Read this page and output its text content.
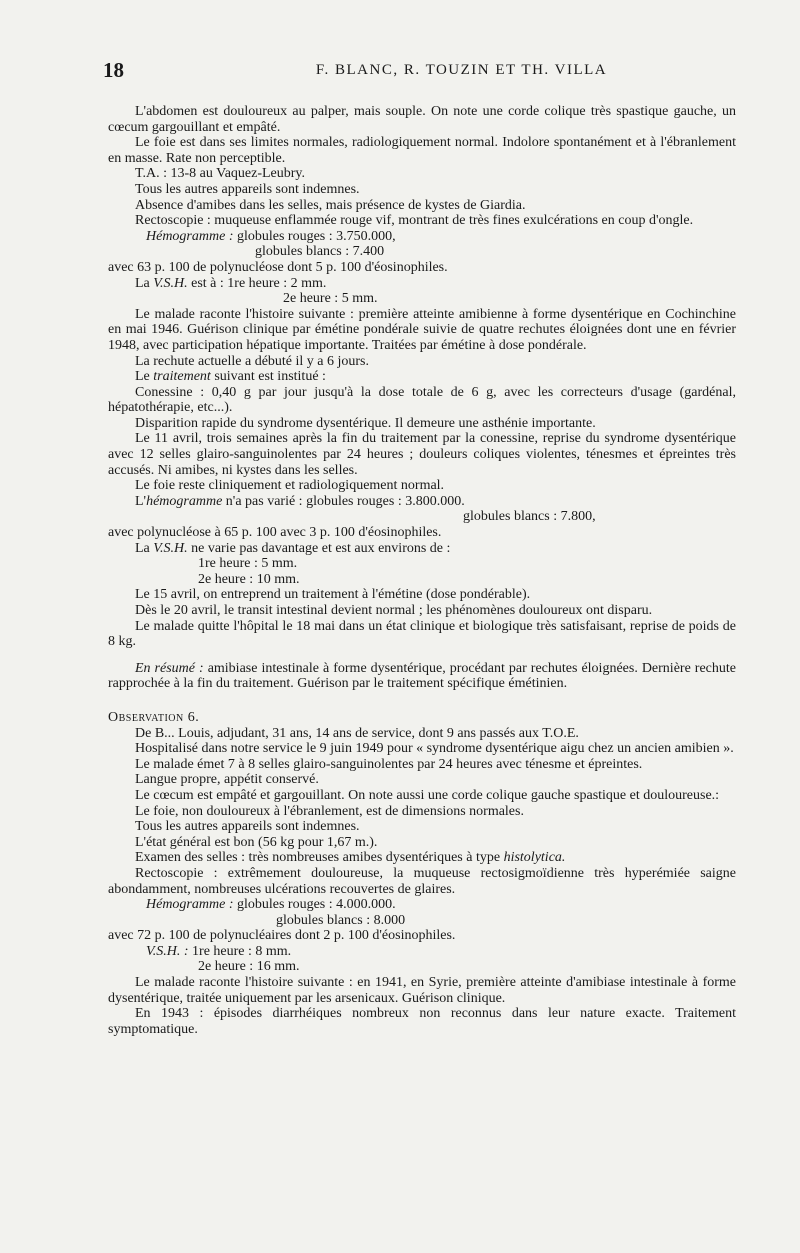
18	F. BLANC, R. TOUZIN ET TH. VILLA

L'abdomen est douloureux au palper, mais souple. On note une corde colique très spastique gauche, un cœcum gargouillant et empâté.

Le foie est dans ses limites normales, radiologiquement normal. Indolore spontanément et à l'ébranlement en masse. Rate non perceptible.

T.A. : 13-8 au Vaquez-Leubry.

Tous les autres appareils sont indemnes.

Absence d'amibes dans les selles, mais présence de kystes de Giardia.

Rectoscopie : muqueuse enflammée rouge vif, montrant de très fines exulcérations en coup d'ongle.

Hémogramme : globules rouges : 3.750.000,

globules blancs : 7.400

avec 63 p. 100 de polynucléose dont 5 p. 100 d'éosinophiles.

La V.S.H. est à : 1re heure : 2 mm.

2e heure : 5 mm.

Le malade raconte l'histoire suivante : première atteinte amibienne à forme dysentérique en Cochinchine en mai 1946. Guérison clinique par émétine pondérale suivie de quatre rechutes éloignées dont une en février 1948, avec participation hépatique importante. Traitées par émétine à dose pondérale.

La rechute actuelle a débuté il y a 6 jours.

Le traitement suivant est institué :

Conessine : 0,40 g par jour jusqu'à la dose totale de 6 g, avec les correcteurs d'usage (gardénal, hépatothérapie, etc...).

Disparition rapide du syndrome dysentérique. Il demeure une asthénie importante.

Le 11 avril, trois semaines après la fin du traitement par la conessine, reprise du syndrome dysentérique avec 12 selles glairo-sanguinolentes par 24 heures ; douleurs coliques violentes, ténesmes et épreintes très accusés. Ni amibes, ni kystes dans les selles.

Le foie reste cliniquement et radiologiquement normal.

L'hémogramme n'a pas varié : globules rouges : 3.800.000.

globules blancs : 7.800,

avec polynucléose à 65 p. 100 avec 3 p. 100 d'éosinophiles.

La V.S.H. ne varie pas davantage et est aux environs de :

1re heure : 5 mm.

2e heure : 10 mm.

Le 15 avril, on entreprend un traitement à l'émétine (dose pondérable).

Dès le 20 avril, le transit intestinal devient normal ; les phénomènes douloureux ont disparu.

Le malade quitte l'hôpital le 18 mai dans un état clinique et biologique très satisfaisant, reprise de poids de 8 kg.

En résumé : amibiase intestinale à forme dysentérique, procédant par rechutes éloignées. Dernière rechute rapprochée à la fin du traitement. Guérison par le traitement spécifique émétinien.

Observation 6.

De B... Louis, adjudant, 31 ans, 14 ans de service, dont 9 ans passés aux T.O.E.

Hospitalisé dans notre service le 9 juin 1949 pour « syndrome dysentérique aigu chez un ancien amibien ».

Le malade émet 7 à 8 selles glairo-sanguinolentes par 24 heures avec ténesme et épreintes.

Langue propre, appétit conservé.

Le cœcum est empâté et gargouillant. On note aussi une corde colique gauche spastique et douloureuse.:

Le foie, non douloureux à l'ébranlement, est de dimensions normales.

Tous les autres appareils sont indemnes.

L'état général est bon (56 kg pour 1,67 m.).

Examen des selles : très nombreuses amibes dysentériques à type histolytica.

Rectoscopie : extrêmement douloureuse, la muqueuse rectosigmoïdienne très hyperémiée saigne abondamment, nombreuses ulcérations recouvertes de glaires.

Hémogramme : globules rouges : 4.000.000.

globules blancs : 8.000

avec 72 p. 100 de polynucléaires dont 2 p. 100 d'éosinophiles.

V.S.H. : 1re heure : 8 mm.

2e heure : 16 mm.

Le malade raconte l'histoire suivante : en 1941, en Syrie, première atteinte d'amibiase intestinale à forme dysentérique, traitée uniquement par les arsenicaux. Guérison clinique.

En 1943 : épisodes diarrhéiques nombreux non reconnus dans leur nature exacte. Traitement symptomatique.
